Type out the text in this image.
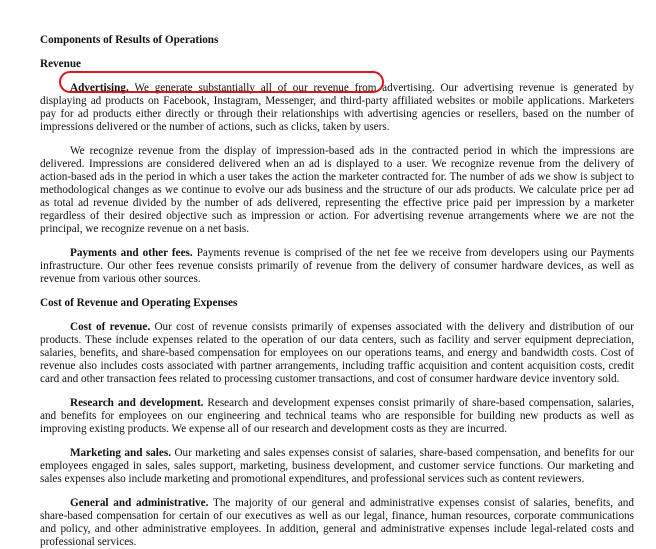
Components of Results of Operations
Revenue

Advertising. We generate substantially all of our revenue from advertising. Our advertising revenue is generated by displaying ad products on Facebook, Instagram, Messenger, and third-party affiliated websites or mobile applications. Marketers pay for ad products either directly or through their relationships with advertising agencies or resellers, based on the number of impressions delivered or the number of actions, such as clicks, taken by users.

We recognize revenue from the display of impression-based ads in the contracted period in which the impressions are delivered. Impressions are considered delivered when an ad is displayed to a user. We recognize revenue from the delivery of action-based ads in the period in which a user takes the action the marketer contracted for. The number of ads we show is subject to methodological changes as we continue to evolve our ads business and the structure of our ads products. We calculate price per ad as total ad revenue divided by the number of ads delivered, representing the effective price paid per impression by a marketer regardless of their desired objective such as impression or action. For advertising revenue arrangements where we are not the principal, we recognize revenue on a net basis.

Payments and other fees. Payments revenue is comprised of the net fee we receive from developers using our Payments infrastructure. Our other fees revenue consists primarily of revenue from the delivery of consumer hardware devices, as well as revenue from various other sources.

Cost of Revenue and Operating Expenses

Cost of revenue. Our cost of revenue consists primarily of expenses associated with the delivery and distribution of our products. These include expenses related to the operation of our data centers, such as facility and server equipment depreciation, salaries, benefits, and share-based compensation for employees on our operations teams, and energy and bandwidth costs. Cost of revenue also includes costs associated with partner arrangements, including traffic acquisition and content acquisition costs, credit card and other transaction fees related to processing customer transactions, and cost of consumer hardware device inventory sold.

Research and development. Research and development expenses consist primarily of share-based compensation, salaries, and benefits for employees on our engineering and technical teams who are responsible for building new products as well as improving existing products. We expense all of our research and development costs as they are incurred.

Marketing and sales. Our marketing and sales expenses consist of salaries, share-based compensation, and benefits for our employees engaged in sales, sales support, marketing, business development, and customer service functions. Our marketing and sales expenses also include marketing and promotional expenditures, and professional services such as content reviewers.

General and administrative. The majority of our general and administrative expenses consist of salaries, benefits, and share-based compensation for certain of our executives as well as our legal, finance, human resources, corporate communications and policy, and other administrative employees. In addition, general and administrative expenses include legal-related costs and professional services.
